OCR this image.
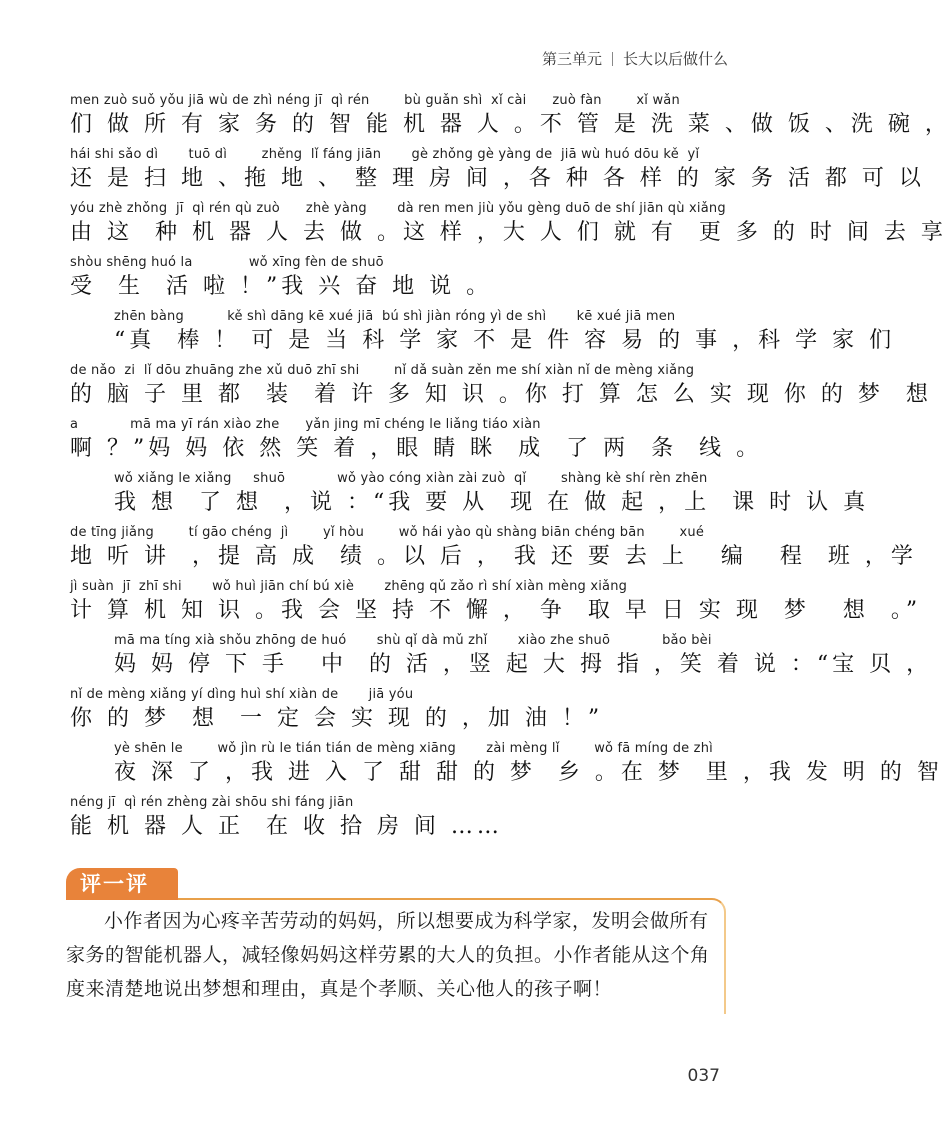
第三单元 长大以后做什么
men zuò suǒ yǒu jiā wù de zhì néng jī  qì rén        bù guǎn shì  xǐ cài      zuò fàn        xǐ wǎn
们 做 所 有 家 务 的 智 能 机 器 人 。不 管 是 洗 菜 、做 饭 、洗 碗 ，
hái shi sǎo dì       tuō dì        zhěng  lǐ fáng jiān       gè zhǒng gè yàng de  jiā wù huó dōu kě  yǐ
还 是 扫 地 、拖 地 、 整 理 房 间 ，各 种 各 样 的 家 务 活 都 可 以
yóu zhè zhǒng  jī  qì rén qù zuò      zhè yàng       dà ren men jiù yǒu gèng duō de shí jiān qù xiǎng
由 这  种 机 器 人 去 做 。这 样 ，大 人 们 就 有  更 多 的 时 间 去 享
shòu shēng huó la             wǒ xīng fèn de shuō
受  生  活 啦 ！”我 兴 奋 地 说 。
zhēn bàng          kě shì dāng kē xué jiā  bú shì jiàn róng yì de shì       kē xué jiā men
“真  棒 ！ 可 是 当 科 学 家 不 是 件 容 易 的 事 ，科 学 家 们
de nǎo  zi  lǐ dōu zhuāng zhe xǔ duō zhī shi        nǐ dǎ suàn zěn me shí xiàn nǐ de mèng xiǎng
的 脑 子 里 都  装  着 许 多 知 识 。你 打 算 怎 么 实 现 你 的 梦  想
a            mā ma yī rán xiào zhe      yǎn jing mī chéng le liǎng tiáo xiàn
啊 ？”妈 妈 依 然 笑 着 ，眼 睛 眯  成  了 两  条  线 。
wǒ xiǎng le xiǎng     shuō            wǒ yào cóng xiàn zài zuò  qǐ        shàng kè shí rèn zhēn
我 想  了 想  ，说 ：“我 要 从  现 在 做 起 ，上  课 时 认 真
de tīng jiǎng        tí gāo chéng  jì        yǐ hòu        wǒ hái yào qù shàng biān chéng bān        xué
地 听 讲  ，提 高 成  绩 。以 后 ， 我 还 要 去 上   编   程  班 ，学
jì suàn  jī  zhī shi       wǒ huì jiān chí bú xiè       zhēng qǔ zǎo rì shí xiàn mèng xiǎng
计 算 机 知 识 。我 会 坚 持 不 懈 ， 争  取 早 日 实 现  梦   想  。”
mā ma tíng xià shǒu zhōng de huó       shù qǐ dà mǔ zhǐ       xiào zhe shuō            bǎo bèi
妈 妈 停 下 手   中  的 活 ，竖 起 大 拇 指 ，笑 着 说 ：“宝 贝 ，
nǐ de mèng xiǎng yí dìng huì shí xiàn de       jiā yóu
你 的 梦  想  一 定 会 实 现 的 ，加 油 ！”
yè shēn le        wǒ jìn rù le tián tián de mèng xiāng       zài mèng lǐ        wǒ fā míng de zhì
夜 深 了 ，我 进 入 了 甜 甜 的 梦  乡 。在 梦  里 ，我 发 明 的 智
néng jī  qì rén zhèng zài shōu shi fáng jiān
能 机 器 人 正  在 收 拾 房 间 ……
评一评
小作者因为心疼辛苦劳动的妈妈，所以想要成为科学家，发明会做所有家务的智能机器人，减轻像妈妈这样劳累的大人的负担。小作者能从这个角度来清楚地说出梦想和理由，真是个孝顺、关心他人的孩子啊！
037
